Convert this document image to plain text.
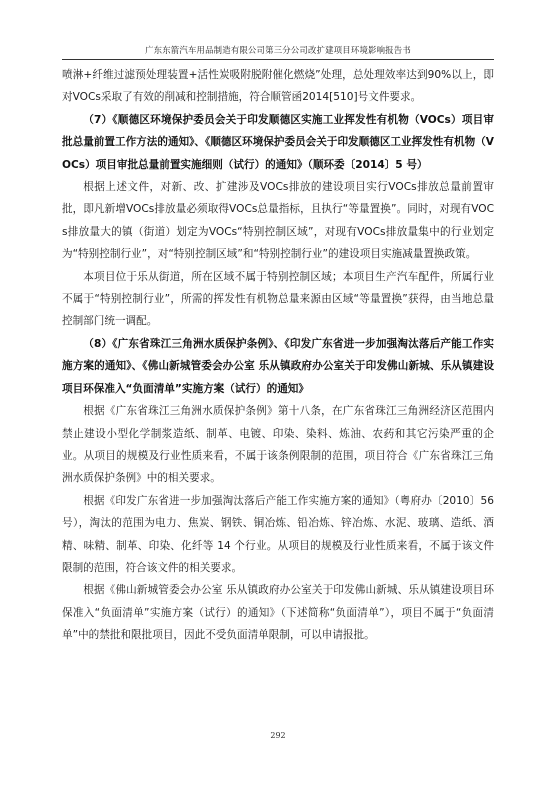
广东东箭汽车用品制造有限公司第三分公司改扩建项目环境影响报告书

喷淋+纤维过滤预处理装置+活性炭吸附脱附催化燃烧”处理，总处理效率达到90%以上，即对VOCs采取了有效的削减和控制措施，符合顺管函2014[510]号文件要求。

（7）《顺德区环境保护委员会关于印发顺德区实施工业挥发性有机物（VOCs）项目审批总量前置工作方法的通知》、《顺德区环境保护委员会关于印发顺德区工业挥发性有机物（VOCs）项目审批总量前置实施细则（试行）的通知》（顺环委〔2014〕5 号）

根据上述文件，对新、改、扩建涉及VOCs排放的建设项目实行VOCs排放总量前置审批，即凡新增VOCs排放量必须取得VOCs总量指标，且执行“等量置换”。同时，对现有VOCs排放量大的镇（街道）划定为VOCs“特别控制区域”，对现有VOCs排放量集中的行业划定为“特别控制行业”，对“特别控制区域”和“特别控制行业”的建设项目实施减量置换政策。

本项目位于乐从街道，所在区域不属于特别控制区域；本项目生产汽车配件，所属行业不属于“特别控制行业”，所需的挥发性有机物总量来源由区域“等量置换”获得，由当地总量控制部门统一调配。

（8）《广东省珠江三角洲水质保护条例》、《印发广东省进一步加强淘汰落后产能工作实施方案的通知》、《佛山新城管委会办公室 乐从镇政府办公室关于印发佛山新城、乐从镇建设项目环保准入“负面清单”实施方案（试行）的通知》

根据《广东省珠江三角洲水质保护条例》第十八条，在广东省珠江三角洲经济区范围内禁止建设小型化学制浆造纸、制革、电镀、印染、染料、炼油、农药和其它污染严重的企业。从项目的规模及行业性质来看，不属于该条例限制的范围，项目符合《广东省珠江三角洲水质保护条例》中的相关要求。

根据《印发广东省进一步加强淘汰落后产能工作实施方案的通知》（粤府办〔2010〕56 号），淘汰的范围为电力、焦炭、钢铁、铜冶炼、铅冶炼、锌冶炼、水泥、玻璃、造纸、酒精、味精、制革、印染、化纤等 14 个行业。从项目的规模及行业性质来看，不属于该文件限制的范围，符合该文件的相关要求。

根据《佛山新城管委会办公室 乐从镇政府办公室关于印发佛山新城、乐从镇建设项目环保准入“负面清单”实施方案（试行）的通知》（下述简称“负面清单”），项目不属于“负面清单”中的禁批和限批项目，因此不受负面清单限制，可以申请报批。

292
